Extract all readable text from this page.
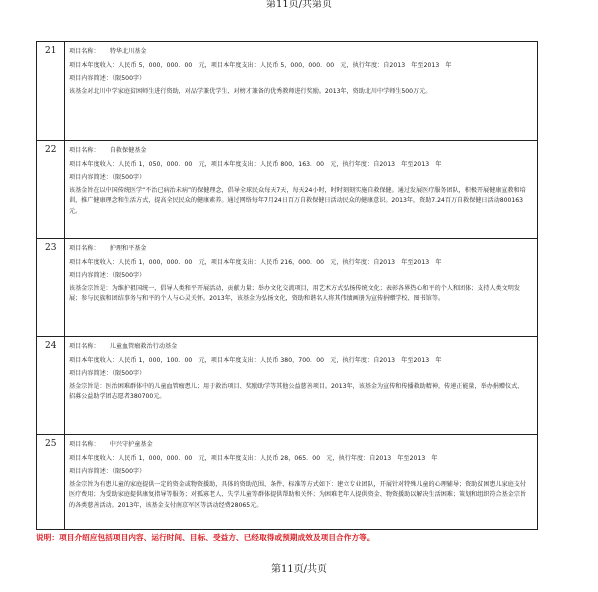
第11页/共第页
21	项目名称： 特华北川基金
项目本年度收入：人民币 5，000，000．00　元，项目本年度支出：人民币 5，000，000．00　元，执行年度：自2013　年至2013　年
项目内容简述：（限500字）
该基金对北川中学家庭贫困师生进行资助，对品学兼优学生、对榜才兼备的优秀教师进行奖励。2013年，资助北川中学师生500万元。

22	项目名称： 自救保健基金
项目本年度收入：人民币 1，050，000．00　元，项目本年度支出：人民币 800，163．00　元，执行年度：自2013　年至2013　年
项目内容简述：（限500字）
该基金旨在以中国传统医学“不治已病治未病”的保健理念，倡导全球民众每天7天，每天24小时，时时刻刻实施自救保健。通过发展医疗服务团队，积极开展健康宣教和培训，推广健康理念和生活方式，提高全民民众的健康素养。通过网络每年7月24日百万自救保健日活动民众的健康意识。2013年，资助7.24百万自救保健日活动800163元。

23	项目名称： 护理和平基金
项目本年度收入：人民币 1，000，000．00　元，项目本年度支出：人民币 216，000．00　元，执行年度：自2013　年至2013　年
项目内容简述：（限500字）
该基金宗旨是：为维护祖国统一、倡导人类和平开展活动，贡献力量；举办文化交流项目，用艺术方式弘扬传统文化；表彰各界热心和平的个人和团体；支持人类文明发展；参与民族和团结事务与和平的个人与心灵关怀。2013年，该基金为弘扬文化，资助和谐名人将其伟绩画册为宣传捐赠学校、图书馆等。

24	项目名称： 儿童血管瘤救治行动基金
项目本年度收入：人民币 1，000，100．00　元，项目本年度支出：人民币 380，700．00　元，执行年度：自2013　年至2013　年
项目内容简述：（限500字）
基金宗旨是：医治困难群体中的儿童血管瘤患儿；用于救治项目、奖励助学等其他公益慈善项目。2013年，该基金为宣传和传播救助精神，传递正能量，举办捐赠仪式、招募公益助学团志愿者380700元。

25	项目名称： 中兴守护童基金
项目本年度收入：人民币 1，000，000．00　元，项目本年度支出：人民币 28，065．00　元，执行年度：自2013　年至2013　年
项目内容简述：（限500字）
基金宗旨为有患儿童的家庭提供一定的资金或物资援助，具体的资助范围、条件、标准等方式如下：建立专业团队，开展针对特殊儿童的心理辅导；资助贫困患儿家庭支付医疗费用；为受助家庭提供康复指导等服务；对孤寡老人、失学儿童等群体提供帮助和关怀；为困难老年人提供资金、物资援助以解决生活困难；策划和组织符合基金宗旨的各类慈善活动。2013年，该基金支付南京军区等活动经费28065元。
说明：项目介绍应包括项目内容、运行时间、目标、受益方、已经取得或预期成效及项目合作方等。
第11页/共页
